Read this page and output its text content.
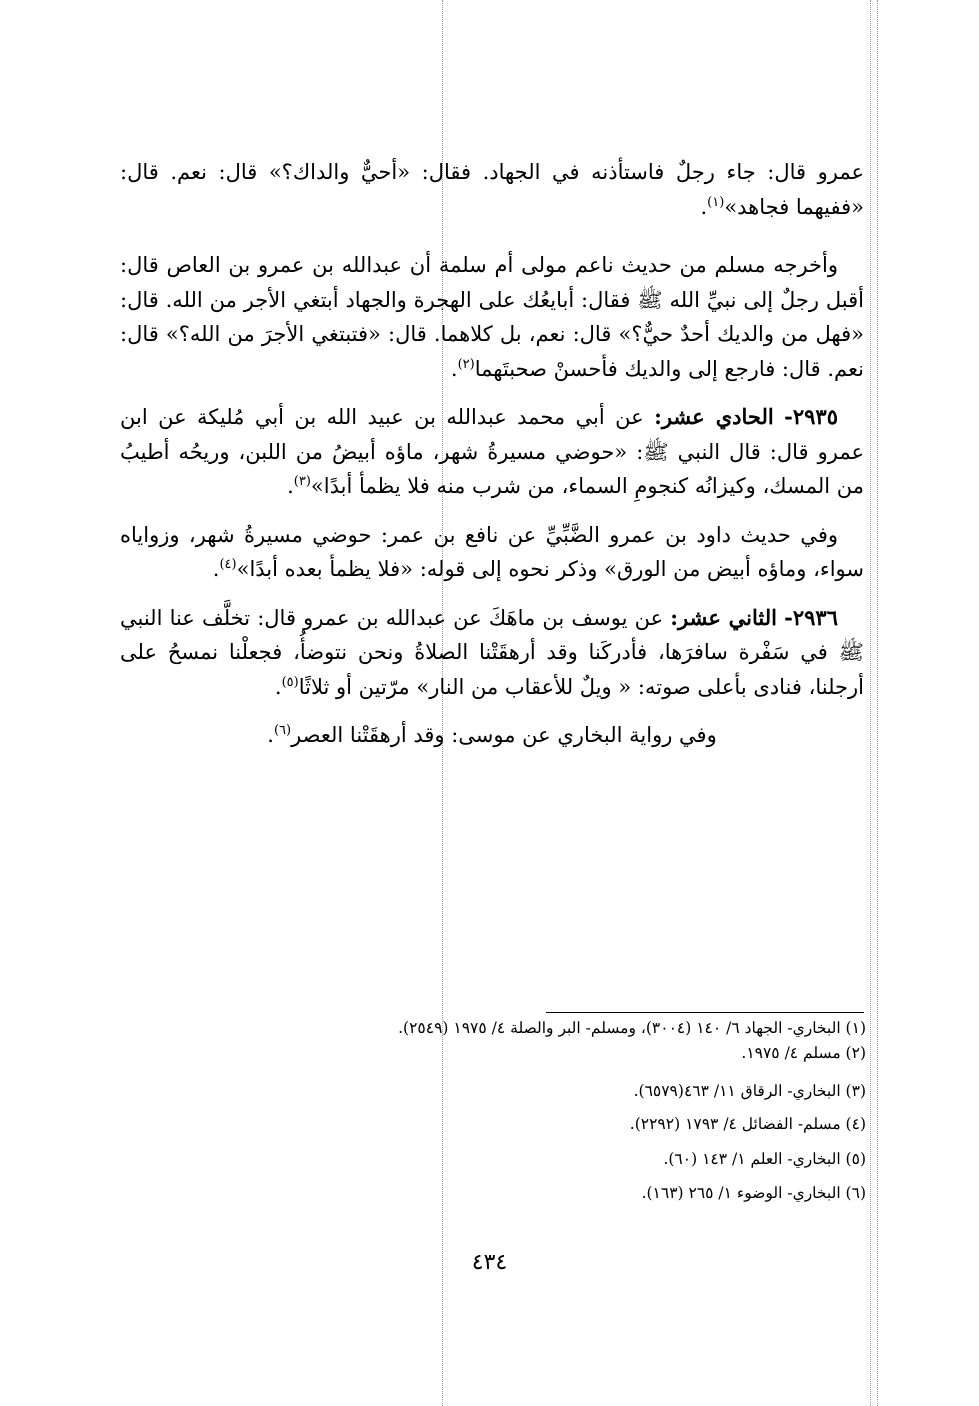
عمرو قال: جاء رجلٌ فاستأذنه في الجهاد. فقال: «أحيٌّ والداك؟» قال: نعم. قال: «ففيهما فجاهد»$^{(١)}$.

وأخرجه مسلم من حديث ناعم مولى أم سلمة أن عبدالله بن عمرو بن العاص قال: أقبل رجلٌ إلى نبيِّ الله ﷺ فقال: أبايعُك على الهجرة والجهاد أبتغي الأجر من الله. قال: «فهل من والديك أحدٌ حيٌّ؟» قال: نعم، بل كلاهما. قال: «فتبتغي الأجرَ من الله؟» قال: نعم. قال: فارجع إلى والديك فأحسنْ صحبتَهما$^{(٢)}$.

٢٩٣٥- الحادي عشر: عن أبي محمد عبدالله بن عبيد الله بن أبي مُليكة عن ابن عمرو قال: قال النبي ﷺ: «حوضي مسيرةُ شهر، ماؤه أبيضُ من اللبن، وريحُه أطيبُ من المسك، وكيزانُه كنجومِ السماء، من شرب منه فلا يظمأ أبدًا»$^{(٣)}$.

وفي حديث داود بن عمرو الضَّبِّيِّ عن نافع بن عمر: حوضي مسيرةُ شهر، وزواياه سواء، وماؤه أبيض من الورق» وذكر نحوه إلى قوله: «فلا يظمأ بعده أبدًا»$^{(٤)}$.

٢٩٣٦- الثاني عشر: عن يوسف بن ماهَكَ عن عبدالله بن عمرو قال: تخلَّف عنا النبي ﷺ في سَفْرة سافرَها، فأدركَنا وقد أرهقَتْنا الصلاةُ ونحن نتوضأُ، فجعلْنا نمسحُ على أرجلنا، فنادى بأعلى صوته: « ويلٌ للأعقاب من النار» مرّتين أو ثلاثًا$^{(٥)}$.

وفي رواية البخاري عن موسى: وقد أرهقَتْنا العصر$^{(٦)}$.

(١) البخاري- الجهاد ٦/ ١٤٠ (٣٠٠٤)، ومسلم- البر والصلة ٤/ ١٩٧٥ (٢٥٤٩).

(٢) مسلم ٤/ ١٩٧٥.

(٣) البخاري- الرقاق ١١/ ٤٦٣(٦٥٧٩).

(٤) مسلم- الفضائل ٤/ ١٧٩٣ (٢٢٩٢).

(٥) البخاري- العلم ١/ ١٤٣ (٦٠).

(٦) البخاري- الوضوء ١/ ٢٦٥ (١٦٣).

٤٣٤
